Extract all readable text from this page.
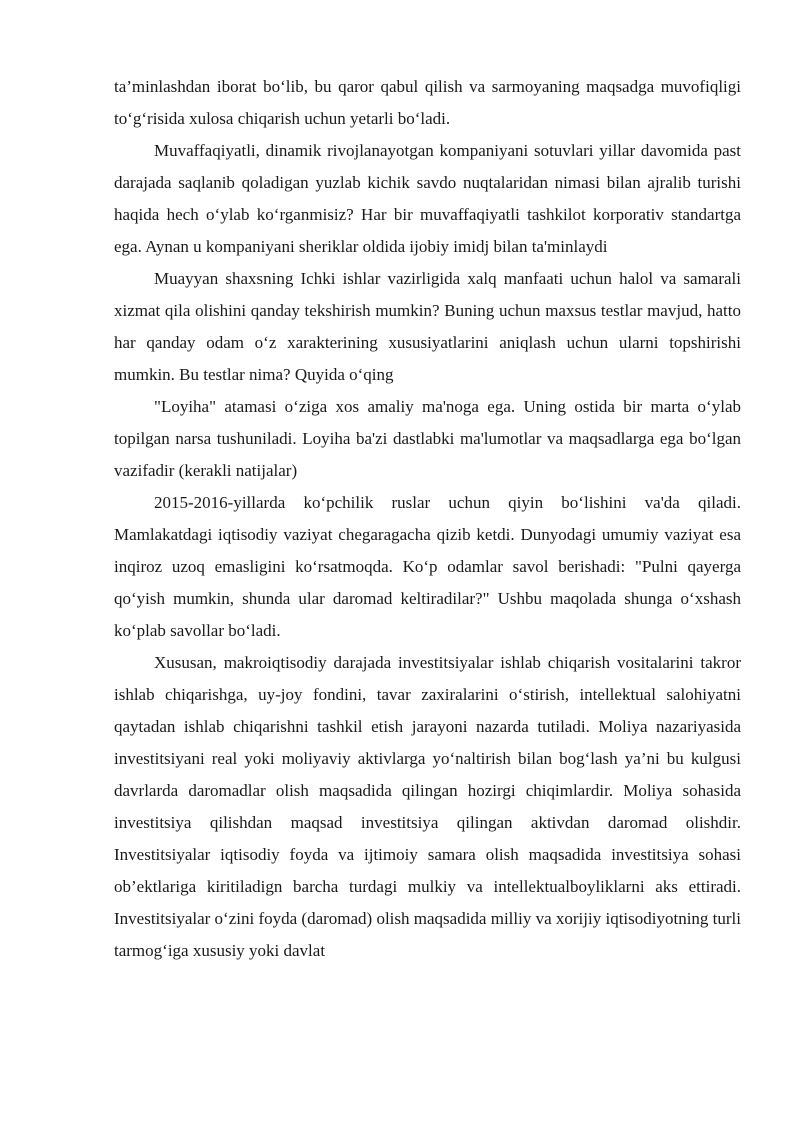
ta’minlashdan iborat bo‘lib, bu qaror qabul qilish va sarmoyaning maqsadga muvofiqligi to‘g‘risida xulosa chiqarish uchun yetarli bo‘ladi.

Muvaffaqiyatli, dinamik rivojlanayotgan kompaniyani sotuvlari yillar davomida past darajada saqlanib qoladigan yuzlab kichik savdo nuqtalaridan nimasi bilan ajralib turishi haqida hech o‘ylab ko‘rganmisiz? Har bir muvaffaqiyatli tashkilot korporativ standartga ega. Aynan u kompaniyani sheriklar oldida ijobiy imidj bilan ta'minlaydi

Muayyan shaxsning Ichki ishlar vazirligida xalq manfaati uchun halol va samarali xizmat qila olishini qanday tekshirish mumkin? Buning uchun maxsus testlar mavjud, hatto har qanday odam o‘z xarakterining xususiyatlarini aniqlash uchun ularni topshirishi mumkin. Bu testlar nima? Quyida o‘qing

"Loyiha" atamasi o‘ziga xos amaliy ma'noga ega. Uning ostida bir marta o‘ylab topilgan narsa tushuniladi. Loyiha ba'zi dastlabki ma'lumotlar va maqsadlarga ega bo‘lgan vazifadir (kerakli natijalar)

2015-2016-yillarda ko‘pchilik ruslar uchun qiyin bo‘lishini va'da qiladi. Mamlakatdagi iqtisodiy vaziyat chegaragacha qizib ketdi. Dunyodagi umumiy vaziyat esa inqiroz uzoq emasligini ko‘rsatmoqda. Ko‘p odamlar savol berishadi: "Pulni qayerga qo‘yish mumkin, shunda ular daromad keltiradilar?" Ushbu maqolada shunga o‘xshash ko‘plab savollar bo‘ladi.

Xususan, makroiqtisodiy darajada investitsiyalar ishlab chiqarish vositalarini takror ishlab chiqarishga, uy-joy fondini, tavar zaxiralarini o‘stirish, intellektual salohiyatni qaytadan ishlab chiqarishni tashkil etish jarayoni nazarda tutiladi. Moliya nazariyasida investitsiyani real yoki moliyaviy aktivlarga yo‘naltirish bilan bog‘lash ya’ni bu kulgusi davrlarda daromadlar olish maqsadida qilingan hozirgi chiqimlardir. Moliya sohasida investitsiya qilishdan maqsad investitsiya qilingan aktivdan daromad olishdir. Investitsiyalar iqtisodiy foyda va ijtimoiy samara olish maqsadida investitsiya sohasi ob’ektlariga kiritiladign barcha turdagi mulkiy va intellektualboyliklarni aks ettiradi. Investitsiyalar o‘zini foyda (daromad) olish maqsadida milliy va xorijiy iqtisodiyotning turli tarmog‘iga xususiy yoki davlat
